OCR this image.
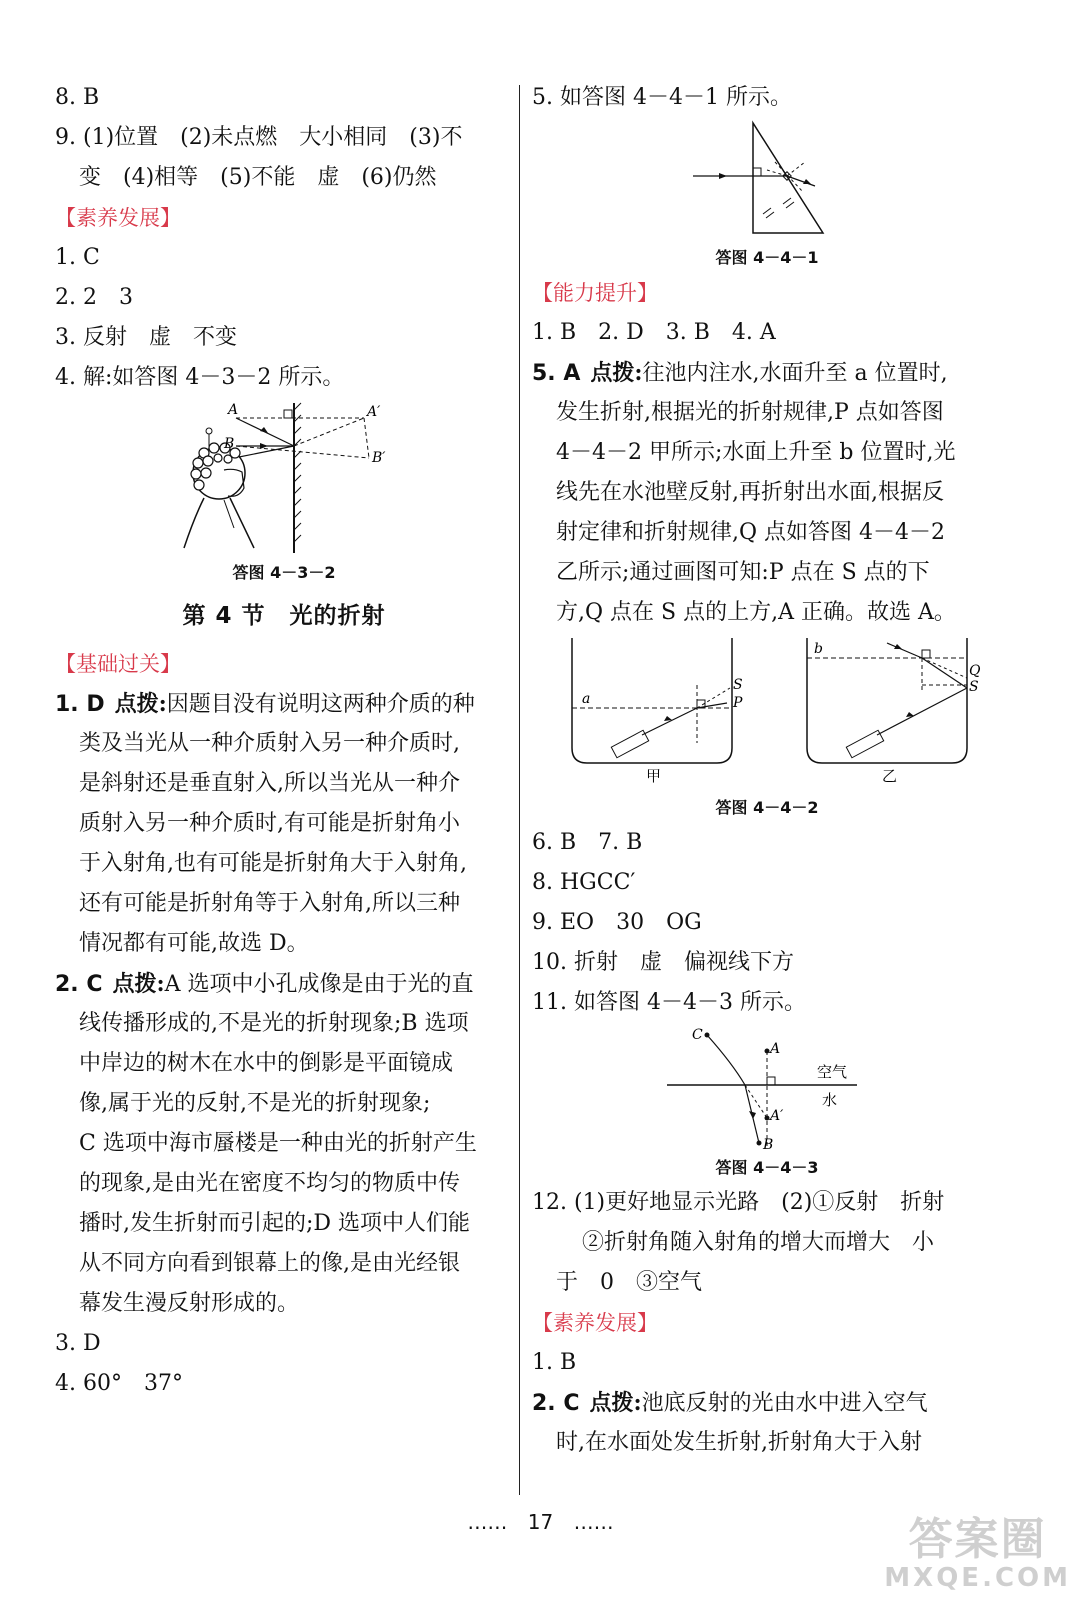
8. B
9. (1)位置　(2)未点燃　大小相同　(3)不
变　(4)相等　(5)不能　虚　(6)仍然
【素养发展】
1. C
2. 2　3
3. 反射　虚　不变
4. 解:如答图 4－3－2 所示。
A
B
A′
B′
答图 4－3－2
第 4 节　光的折射
【基础过关】
1. D 点拨:因题目没有说明这两种介质的种
类及当光从一种介质射入另一种介质时,
是斜射还是垂直射入,所以当光从一种介
质射入另一种介质时,有可能是折射角小
于入射角,也有可能是折射角大于入射角,
还有可能是折射角等于入射角,所以三种
情况都有可能,故选 D。
2. C 点拨:A 选项中小孔成像是由于光的直
线传播形成的,不是光的折射现象;B 选项
中岸边的树木在水中的倒影是平面镜成
像,属于光的反射,不是光的折射现象;
C 选项中海市蜃楼是一种由光的折射产生
的现象,是由光在密度不均匀的物质中传
播时,发生折射而引起的;D 选项中人们能
从不同方向看到银幕上的像,是由光经银
幕发生漫反射形成的。
3. D
4. 60°　37°
5. 如答图 4－4－1 所示。
答图 4－4－1
【能力提升】
1. B　2. D　3. B　4. A
5. A 点拨:往池内注水,水面升至 a 位置时,
发生折射,根据光的折射规律,P 点如答图
4－4－2 甲所示;水面上升至 b 位置时,光
线先在水池壁反射,再折射出水面,根据反
射定律和折射规律,Q 点如答图 4－4－2
乙所示;通过画图可知:P 点在 S 点的下
方,Q 点在 S 点的上方,A 正确。故选 A。
a
S
P
甲
b
Q
S
乙
答图 4－4－2
6. B　7. B
8. HGCC′
9. EO　30　OG
10. 折射　虚　偏视线下方
11. 如答图 4－4－3 所示。
C
A
A′
B
空气
水
答图 4－4－3
12. (1)更好地显示光路　(2)①反射　折射
②折射角随入射角的增大而增大　小
于　0　③空气
【素养发展】
1. B
2. C 点拨:池底反射的光由水中进入空气
时,在水面处发生折射,折射角大于入射
…… 17 ……	答案圈
MXQE.COM
